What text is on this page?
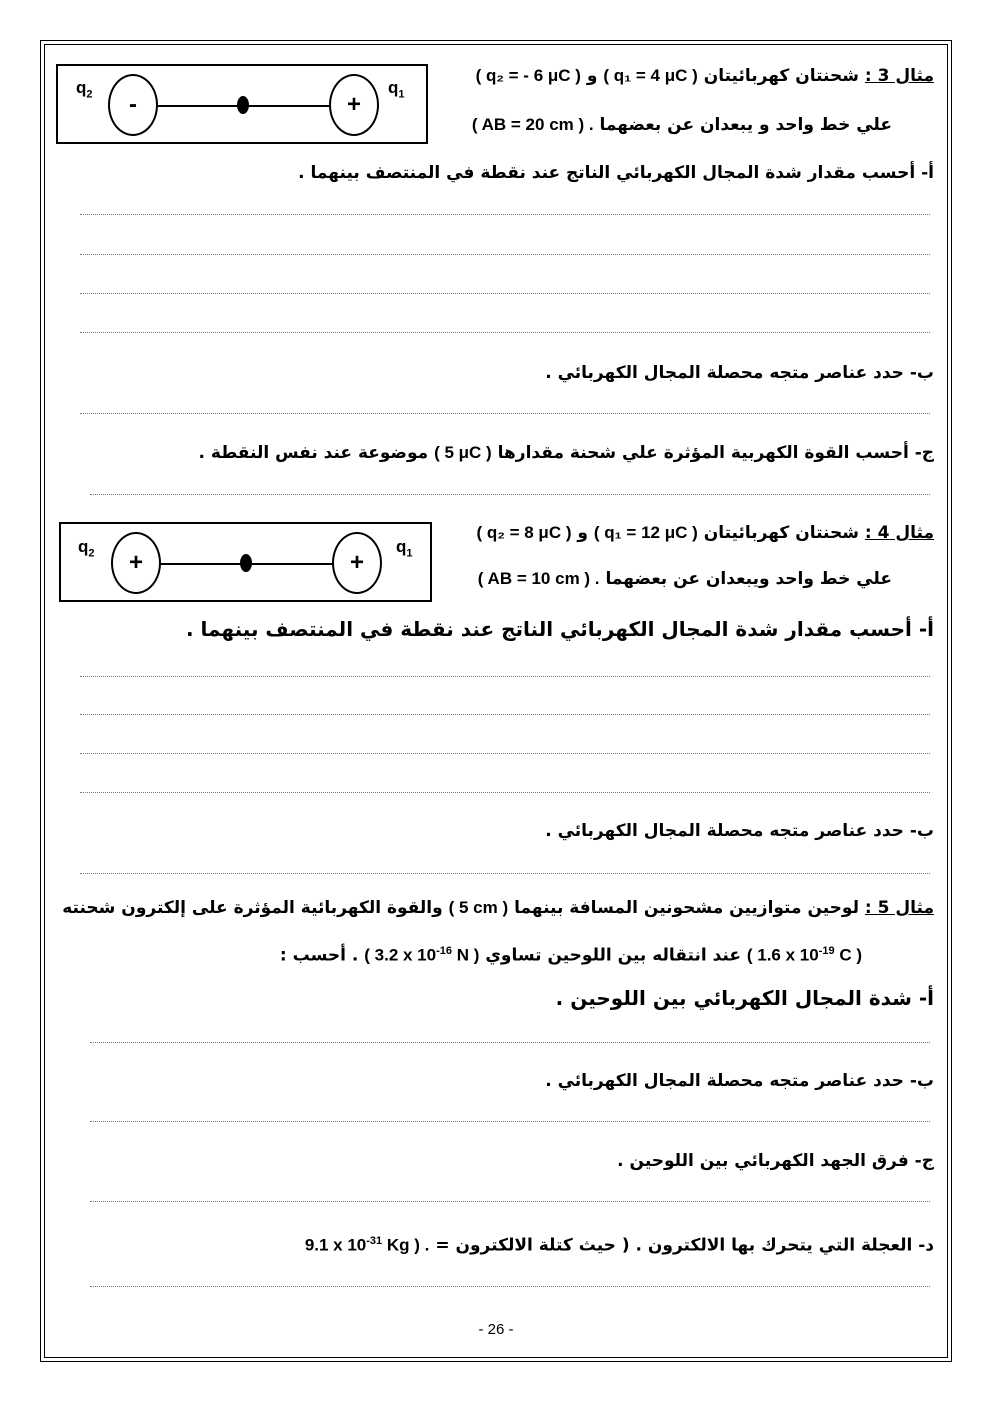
$q_2$ -	+
$q_1$
مثال 3 : شحنتان كهربائيتان ( q₁ = 4 μC ) و ( q₂ = - 6 μC )
علي خط واحد و يبعدان عن بعضهما ( AB = 20 cm ) .
أ- أحسب مقدار شدة المجال الكهربائي الناتج عند نقطة في المنتصف بينهما .
ب- حدد عناصر متجه محصلة المجال الكهربائي .
ج- أحسب القوة الكهربية المؤثرة علي شحنة مقدارها ( 5 μC ) موضوعة عند نفس النقطة .
$q_2$ +	+
$q_1$
مثال 4 : شحنتان كهربائيتان ( q₁ = 12 μC ) و ( q₂ = 8 μC )
علي خط واحد ويبعدان عن بعضهما ( AB = 10 cm ) .
أ- أحسب مقدار شدة المجال الكهربائي الناتج عند نقطة في المنتصف بينهما .
ب- حدد عناصر متجه محصلة المجال الكهربائي .
مثال 5 : لوحين متوازيين مشحونين المسافة بينهما ( 5 cm ) والقوة الكهربائية المؤثرة على إلكترون شحنته
( 1.6 x $10^{-19}$ C ) عند انتقاله بين اللوحين تساوي ( 3.2 x $10^{-16}$ N ) . أحسب :
أ- شدة المجال الكهربائي بين اللوحين .
ب- حدد عناصر متجه محصلة المجال الكهربائي .
ج- فرق الجهد الكهربائي بين اللوحين .
د- العجلة التي يتحرك بها الالكترون . ( حيث كتلة الالكترون = 9.1 x $10^{-31}$ Kg ) .
- 26 -
